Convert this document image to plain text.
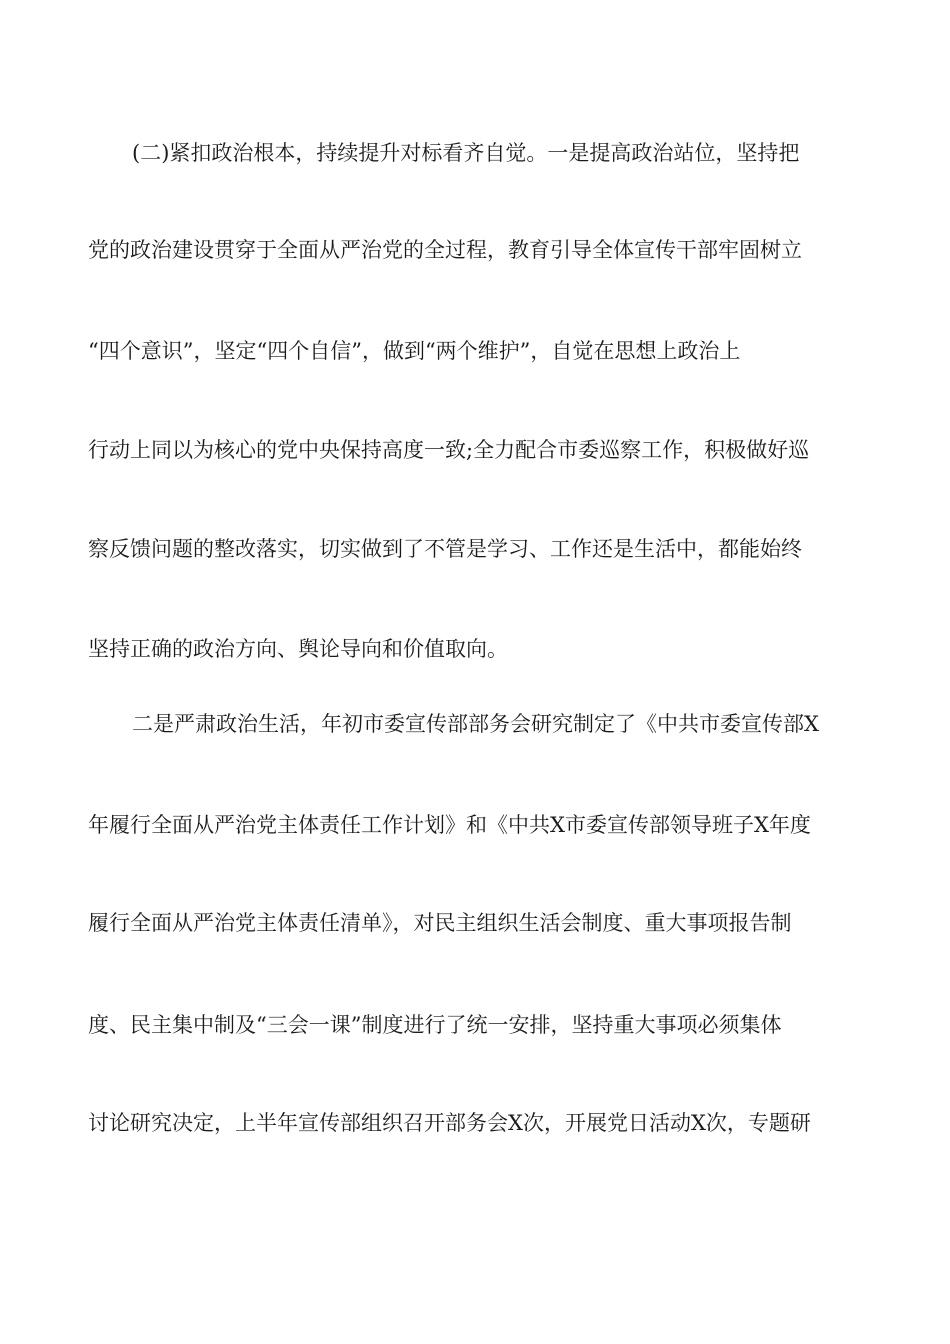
(二)紧扣政治根本，持续提升对标看齐自觉。一是提高政治站位，坚持把
党的政治建设贯穿于全面从严治党的全过程，教育引导全体宣传干部牢固树立
“四个意识”，坚定“四个自信”，做到“两个维护”，自觉在思想上政治上
行动上同以为核心的党中央保持高度一致;全力配合市委巡察工作，积极做好巡
察反馈问题的整改落实，切实做到了不管是学习、工作还是生活中，都能始终
坚持正确的政治方向、舆论导向和价值取向。
二是严肃政治生活，年初市委宣传部部务会研究制定了《中共市委宣传部X
年履行全面从严治党主体责任工作计划》和《中共X市委宣传部领导班子X年度
履行全面从严治党主体责任清单》，对民主组织生活会制度、重大事项报告制
度、民主集中制及“三会一课”制度进行了统一安排，坚持重大事项必须集体
讨论研究决定，上半年宣传部组织召开部务会X次，开展党日活动X次，专题研
